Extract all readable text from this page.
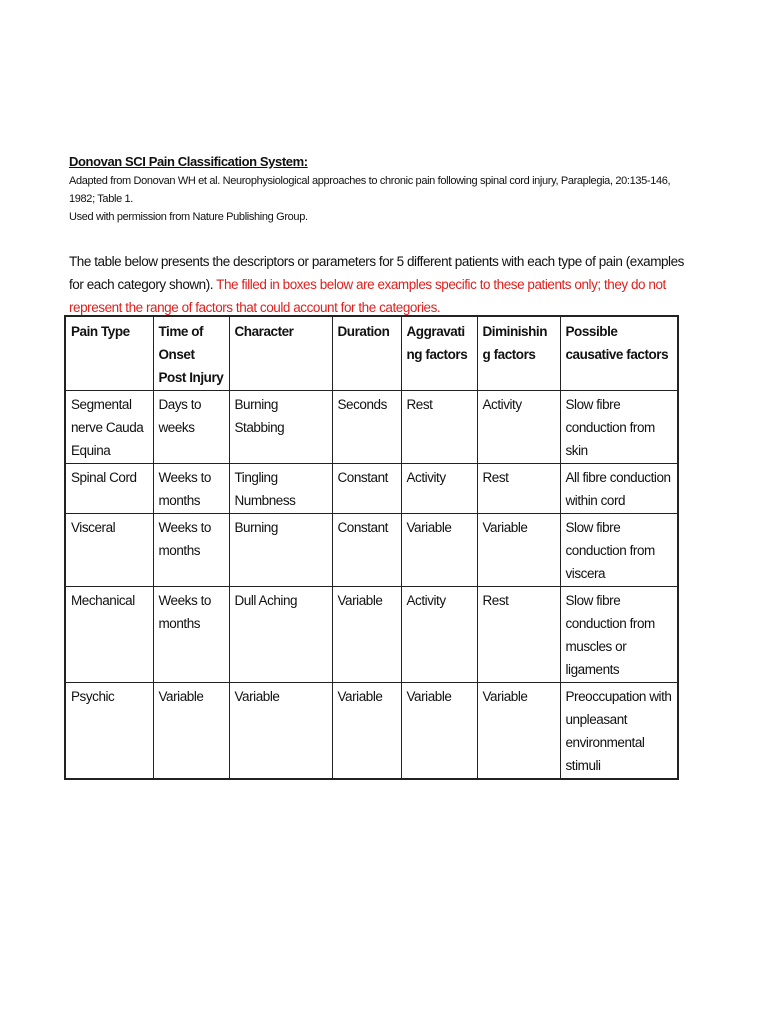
Donovan SCI Pain Classification System:

Adapted from Donovan WH et al. Neurophysiological approaches to chronic pain following spinal cord injury, Paraplegia, 20:135-146, 1982; Table 1.
Used with permission from Nature Publishing Group.

The table below presents the descriptors or parameters for 5 different patients with each type of pain (examples for each category shown). The filled in boxes below are examples specific to these patients only; they do not represent the range of factors that could account for the categories.
Pain Type	Time of Onset Post Injury	Character	Duration	Aggravating factors	Diminishing factors	Possible causative factors
Segmental nerve Cauda Equina	Days to weeks	Burning Stabbing	Seconds	Rest	Activity	Slow fibre conduction from skin
Spinal Cord	Weeks to months	Tingling Numbness	Constant	Activity	Rest	All fibre conduction within cord
Visceral	Weeks to months	Burning	Constant	Variable	Variable	Slow fibre conduction from viscera
Mechanical	Weeks to months	Dull Aching	Variable	Activity	Rest	Slow fibre conduction from muscles or ligaments
Psychic	Variable	Variable	Variable	Variable	Variable	Preoccupation with unpleasant environmental stimuli
